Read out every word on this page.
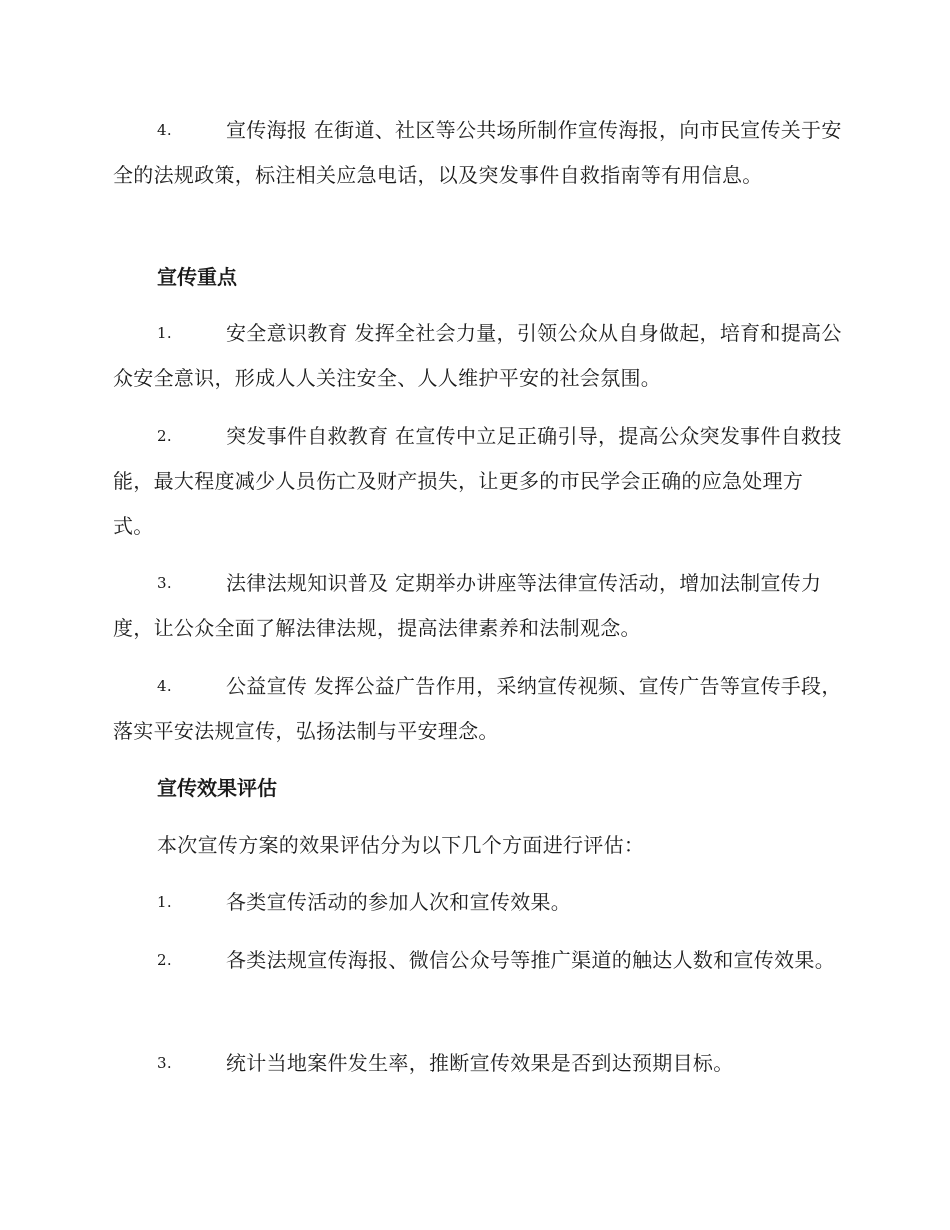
4.	宣传海报 在街道、社区等公共场所制作宣传海报，向市民宣传关于安全的法规政策，标注相关应急电话，以及突发事件自救指南等有用信息。
宣传重点
1.	安全意识教育 发挥全社会力量，引领公众从自身做起，培育和提高公众安全意识，形成人人关注安全、人人维护平安的社会氛围。
2.	突发事件自救教育 在宣传中立足正确引导，提高公众突发事件自救技能，最大程度减少人员伤亡及财产损失，让更多的市民学会正确的应急处理方式。
3.	法律法规知识普及 定期举办讲座等法律宣传活动，增加法制宣传力度，让公众全面了解法律法规，提高法律素养和法制观念。
4.	公益宣传 发挥公益广告作用，采纳宣传视频、宣传广告等宣传手段，落实平安法规宣传，弘扬法制与平安理念。
宣传效果评估
本次宣传方案的效果评估分为以下几个方面进行评估：
1.	各类宣传活动的参加人次和宣传效果。
2.	各类法规宣传海报、微信公众号等推广渠道的触达人数和宣传效果。
3.	统计当地案件发生率，推断宣传效果是否到达预期目标。
